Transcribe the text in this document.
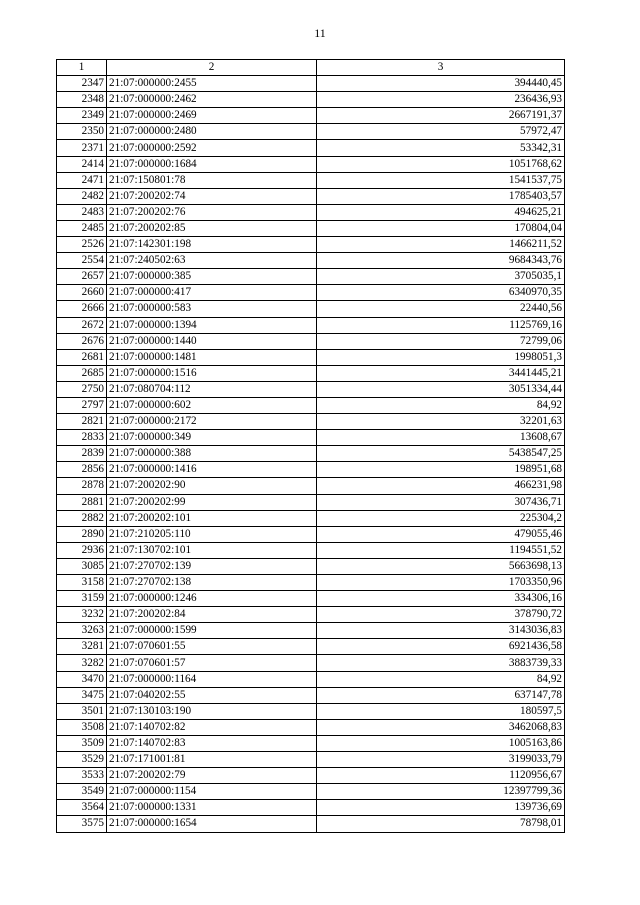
11
1	2	3
2347	21:07:000000:2455	394440,45
2348	21:07:000000:2462	236436,93
2349	21:07:000000:2469	2667191,37
2350	21:07:000000:2480	57972,47
2371	21:07:000000:2592	53342,31
2414	21:07:000000:1684	1051768,62
2471	21:07:150801:78	1541537,75
2482	21:07:200202:74	1785403,57
2483	21:07:200202:76	494625,21
2485	21:07:200202:85	170804,04
2526	21:07:142301:198	1466211,52
2554	21:07:240502:63	9684343,76
2657	21:07:000000:385	3705035,1
2660	21:07:000000:417	6340970,35
2666	21:07:000000:583	22440,56
2672	21:07:000000:1394	1125769,16
2676	21:07:000000:1440	72799,06
2681	21:07:000000:1481	1998051,3
2685	21:07:000000:1516	3441445,21
2750	21:07:080704:112	3051334,44
2797	21:07:000000:602	84,92
2821	21:07:000000:2172	32201,63
2833	21:07:000000:349	13608,67
2839	21:07:000000:388	5438547,25
2856	21:07:000000:1416	198951,68
2878	21:07:200202:90	466231,98
2881	21:07:200202:99	307436,71
2882	21:07:200202:101	225304,2
2890	21:07:210205:110	479055,46
2936	21:07:130702:101	1194551,52
3085	21:07:270702:139	5663698,13
3158	21:07:270702:138	1703350,96
3159	21:07:000000:1246	334306,16
3232	21:07:200202:84	378790,72
3263	21:07:000000:1599	3143036,83
3281	21:07:070601:55	6921436,58
3282	21:07:070601:57	3883739,33
3470	21:07:000000:1164	84,92
3475	21:07:040202:55	637147,78
3501	21:07:130103:190	180597,5
3508	21:07:140702:82	3462068,83
3509	21:07:140702:83	1005163,86
3529	21:07:171001:81	3199033,79
3533	21:07:200202:79	1120956,67
3549	21:07:000000:1154	12397799,36
3564	21:07:000000:1331	139736,69
3575	21:07:000000:1654	78798,01
